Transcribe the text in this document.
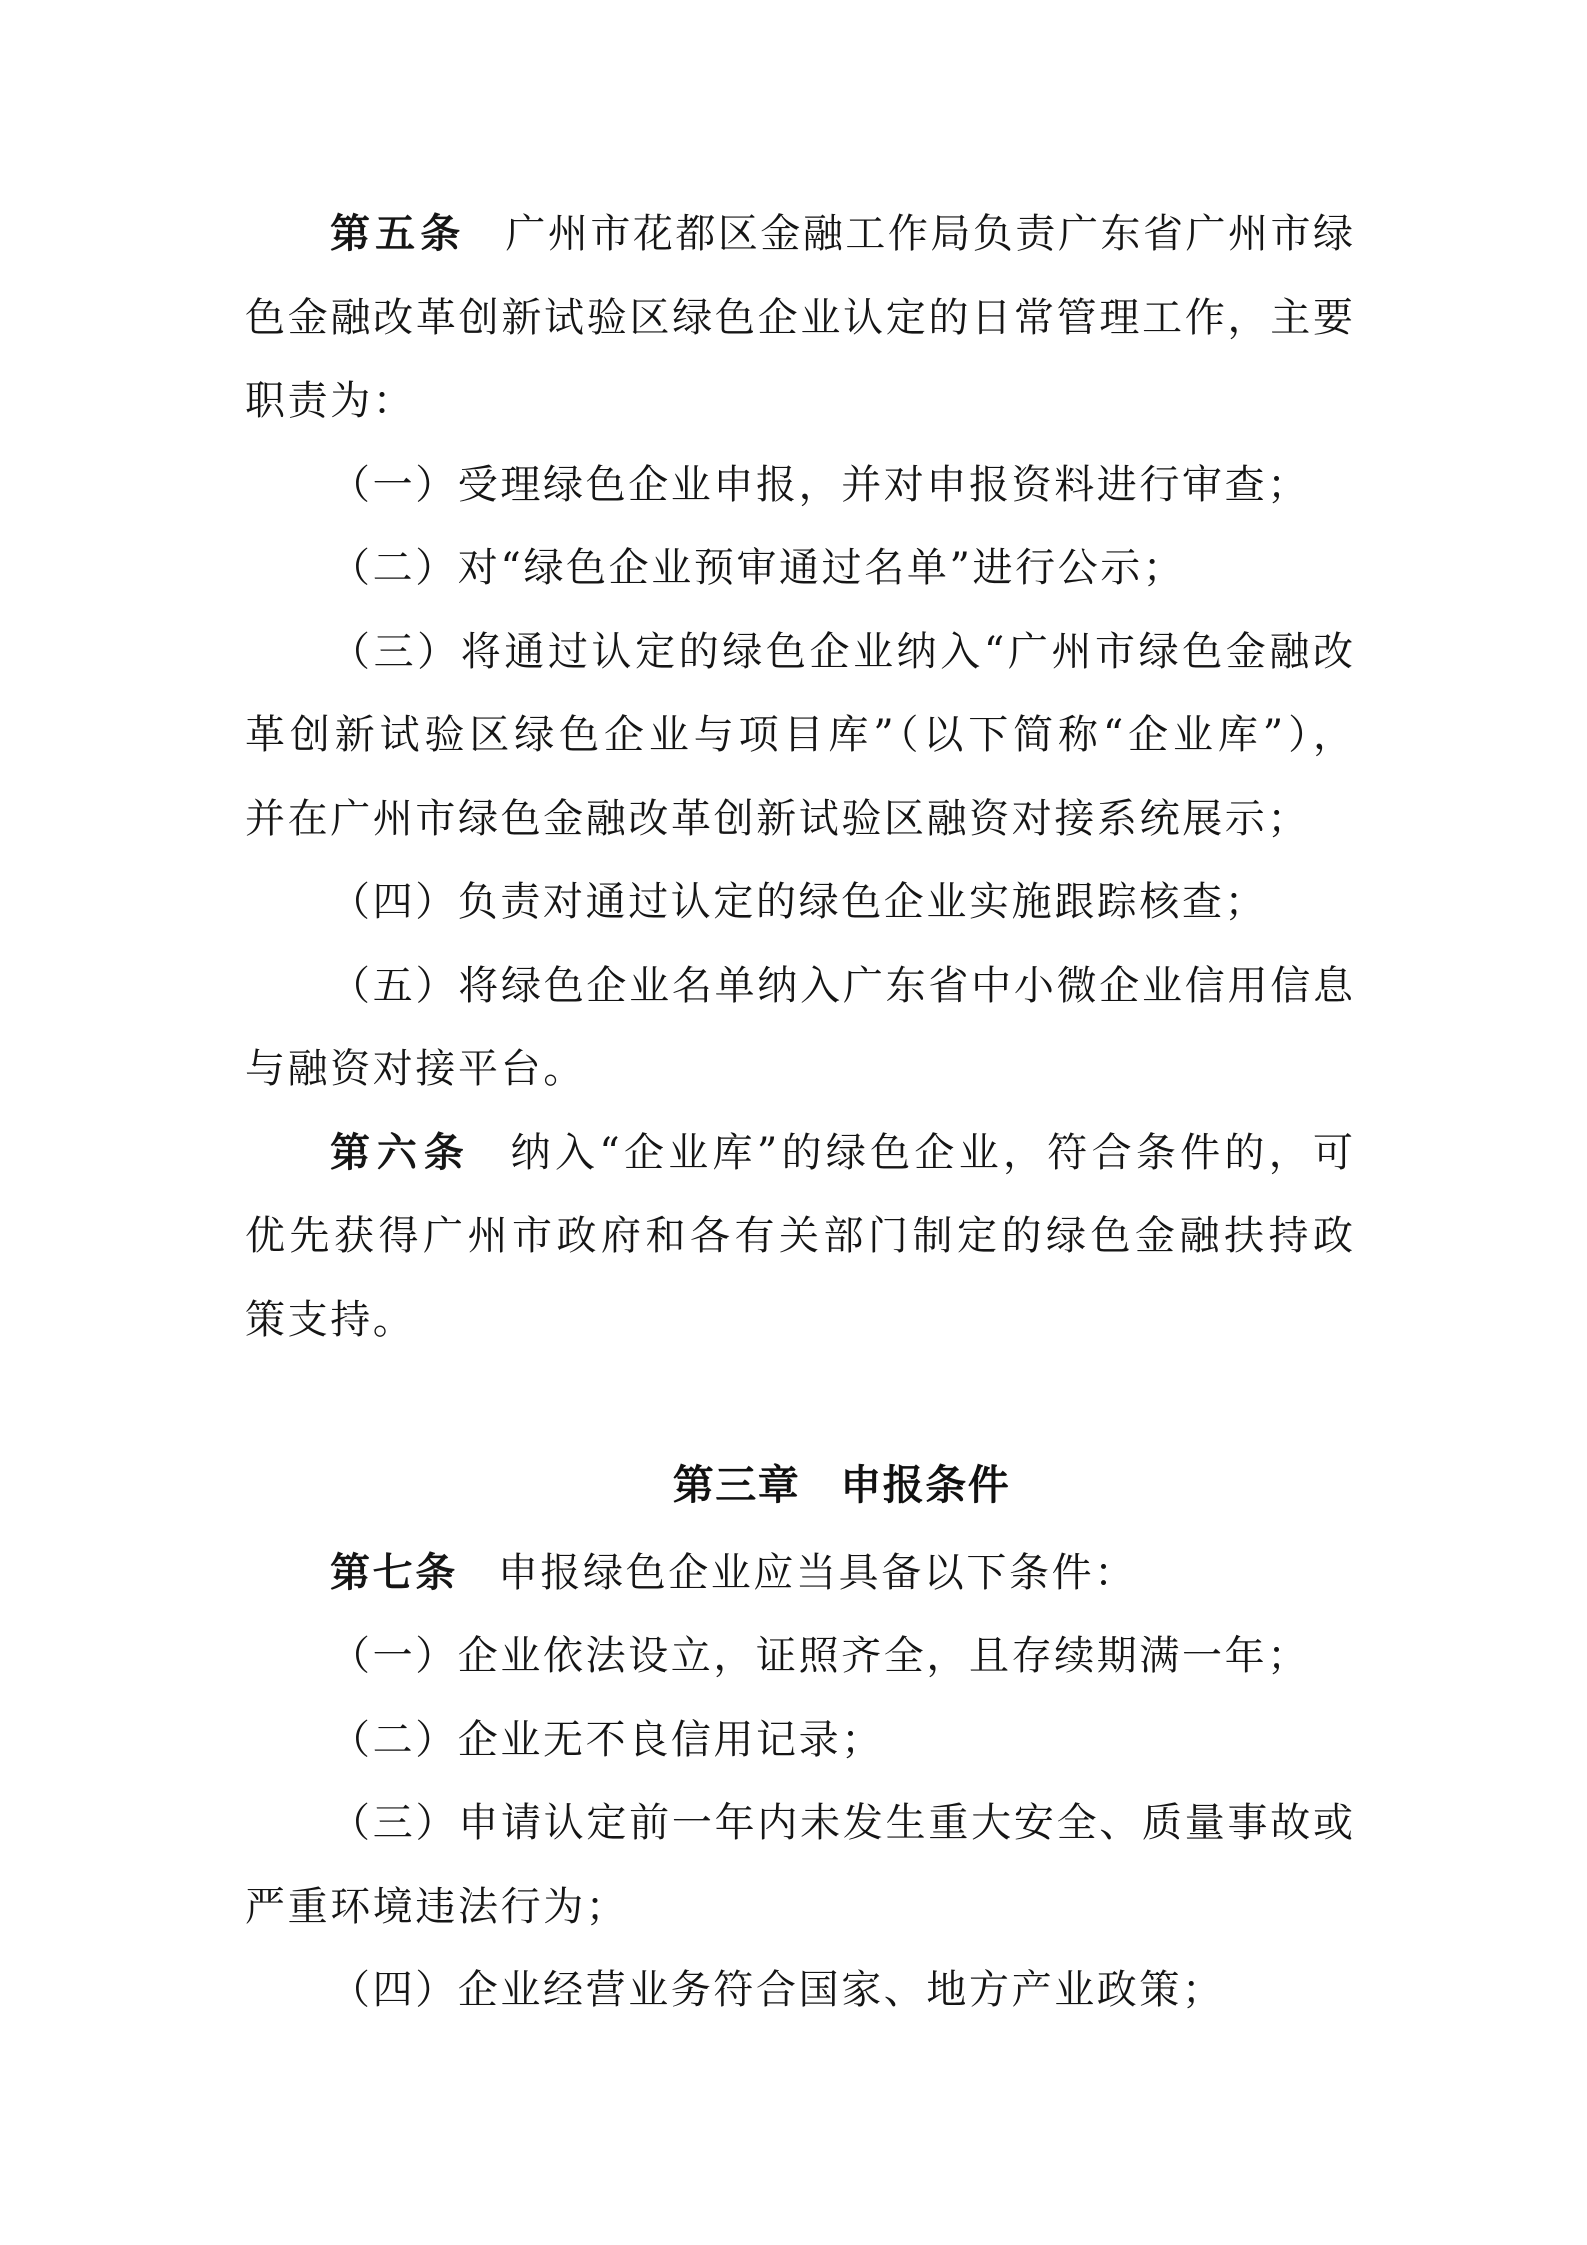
第五条 广州市花都区金融工作局负责广东省广州市绿
色金融改革创新试验区绿色企业认定的日常管理工作，主要
职责为：
（一）受理绿色企业申报，并对申报资料进行审查；
（二）对“绿色企业预审通过名单”进行公示；
（三）将通过认定的绿色企业纳入“广州市绿色金融改
革创新试验区绿色企业与项目库”（以下简称“企业库”），
并在广州市绿色金融改革创新试验区融资对接系统展示；
（四）负责对通过认定的绿色企业实施跟踪核查；
（五）将绿色企业名单纳入广东省中小微企业信用信息
与融资对接平台。
第六条 纳入“企业库”的绿色企业，符合条件的，可
优先获得广州市政府和各有关部门制定的绿色金融扶持政
策支持。
第三章 申报条件
第七条 申报绿色企业应当具备以下条件：
（一）企业依法设立，证照齐全，且存续期满一年；
（二）企业无不良信用记录；
（三）申请认定前一年内未发生重大安全、质量事故或
严重环境违法行为；
（四）企业经营业务符合国家、地方产业政策；
